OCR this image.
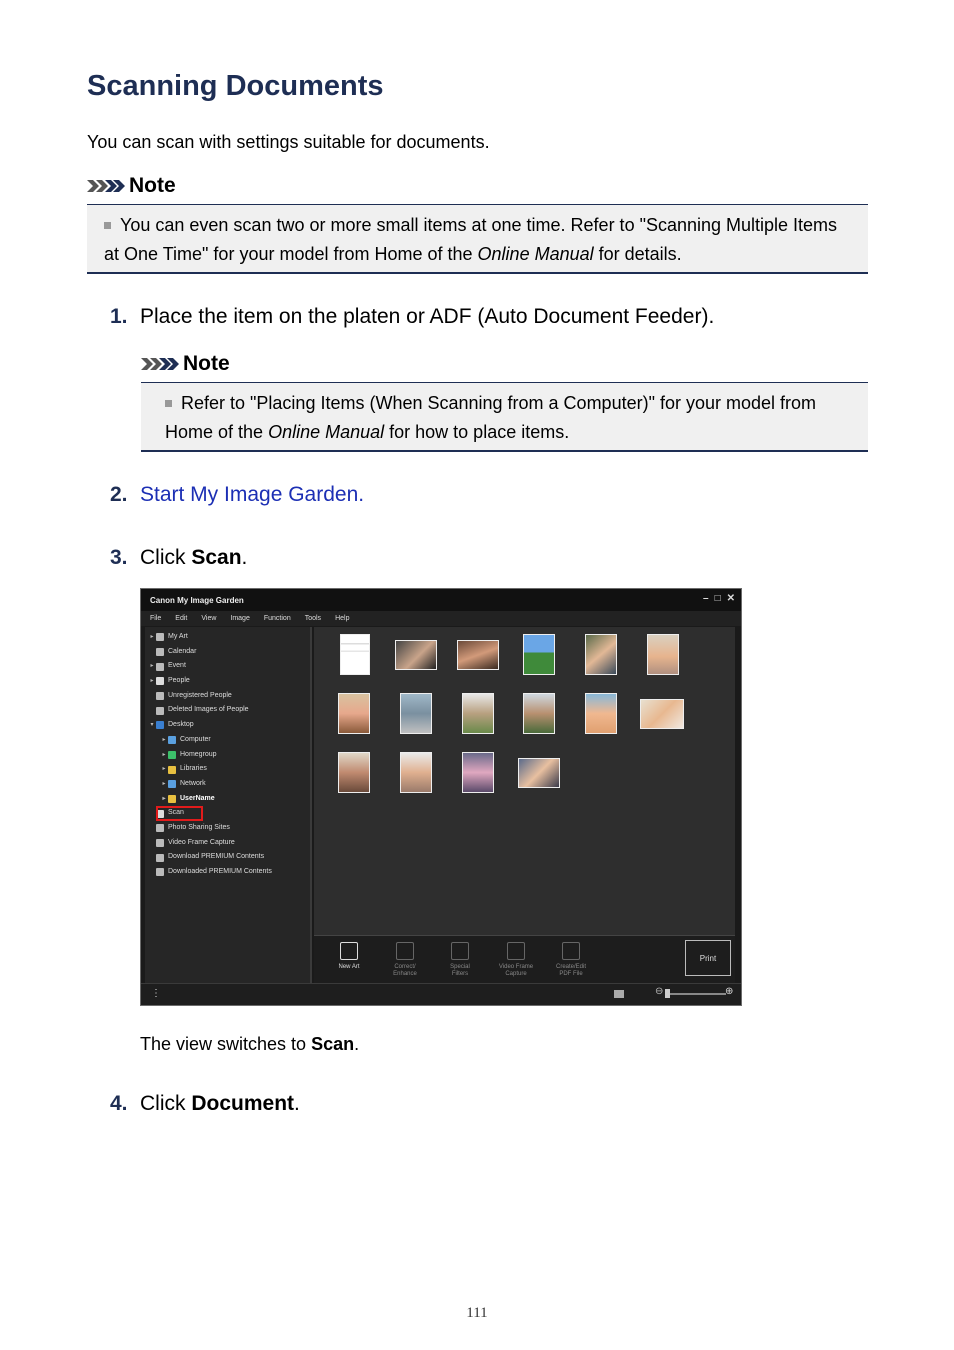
Scanning Documents
You can scan with settings suitable for documents.
Note
You can even scan two or more small items at one time. Refer to "Scanning Multiple Items at One Time" for your model from Home of the Online Manual for details.
1. Place the item on the platen or ADF (Auto Document Feeder).
Note
Refer to "Placing Items (When Scanning from a Computer)" for your model from Home of the Online Manual for how to place items.
2. Start My Image Garden.
3. Click Scan.
Canon My Image Garden	– □ ✕
File Edit View Image Function Tools Help
▸	My Art
Calendar
▸	Event
▸	People
Unregistered People
Deleted Images of People
▾	Desktop
▸	Computer
▸	Homegroup
▸	Libraries
▸	Network
▸	UserName
Scan
Photo Sharing Sites
Video Frame Capture
Download PREMIUM Contents
Downloaded PREMIUM Contents
Print
New Art	Correct/
Enhance
Special
Filters
Video Frame
Capture
Create/Edit
PDF File
⋮	⊖	⊕
The view switches to Scan.
4. Click Document.
111
